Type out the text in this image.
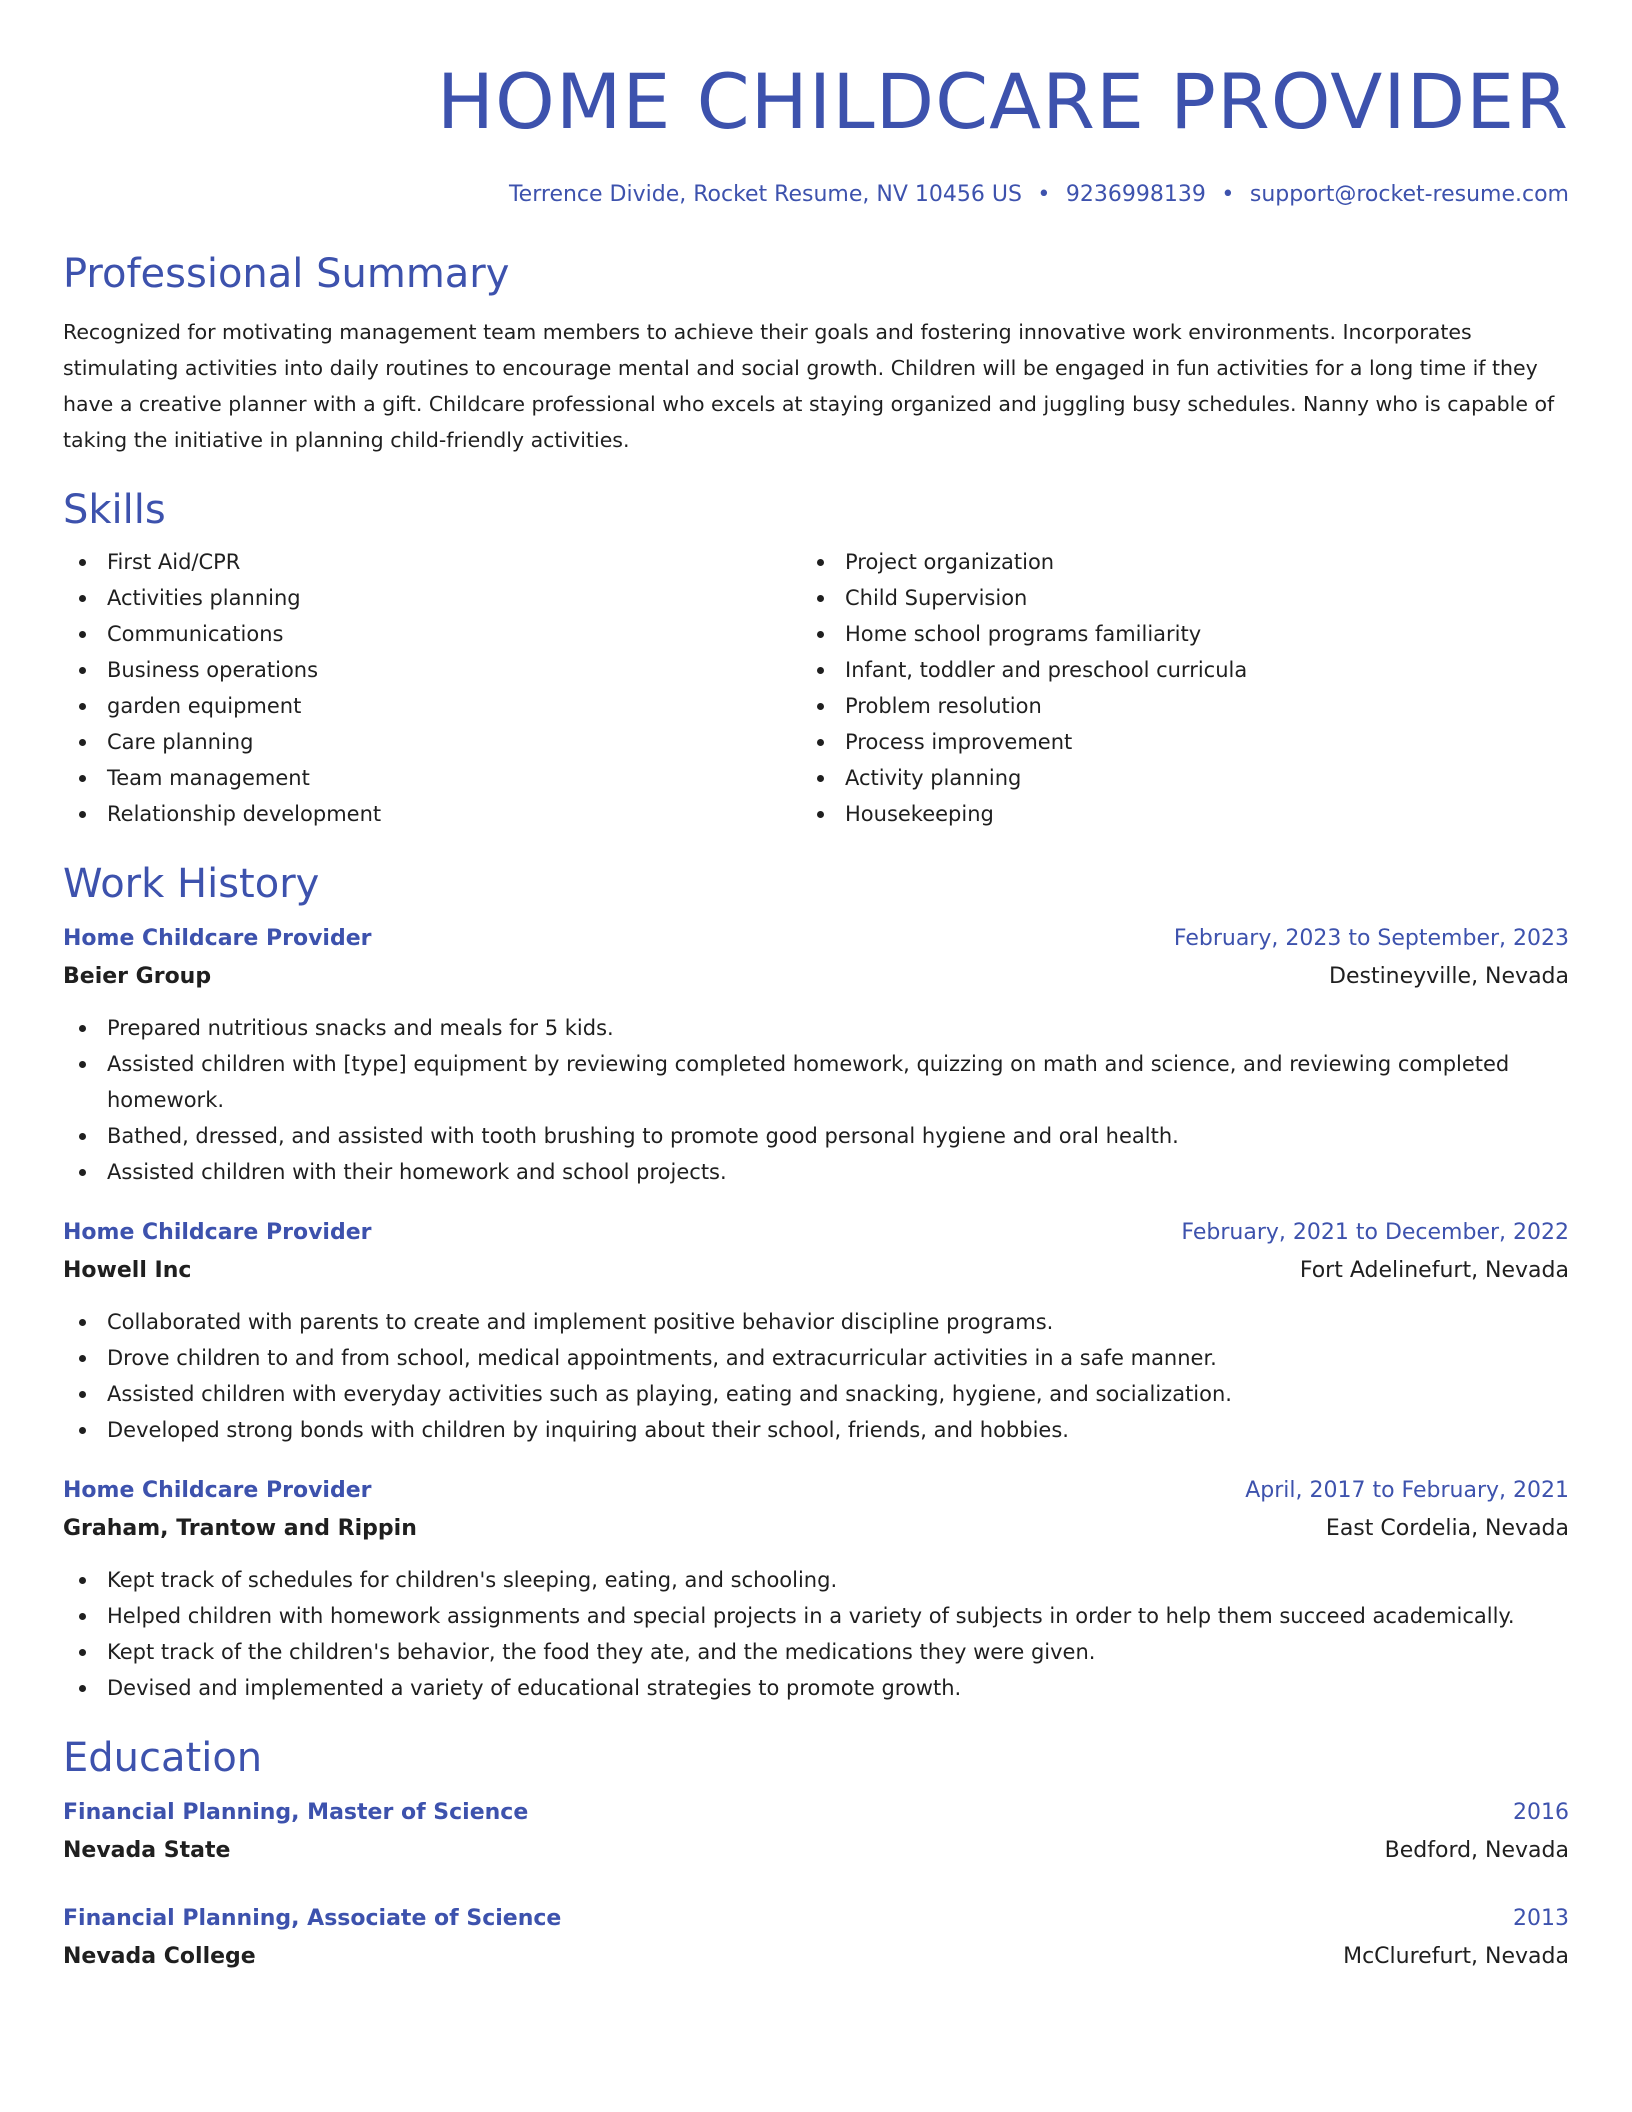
HOME CHILDCARE PROVIDER
Terrence Divide, Rocket Resume, NV 10456 US • 9236998139 • support@rocket-resume.com
Professional Summary

Recognized for motivating management team members to achieve their goals and fostering innovative work environments. Incorporates stimulating activities into daily routines to encourage mental and social growth. Children will be engaged in fun activities for a long time if they have a creative planner with a gift. Childcare professional who excels at staying organized and juggling busy schedules. Nanny who is capable of taking the initiative in planning child-friendly activities.

Skills
First Aid/CPR
Activities planning
Communications
Business operations
garden equipment
Care planning
Team management
Relationship development
Project organization
Child Supervision
Home school programs familiarity
Infant, toddler and preschool curricula
Problem resolution
Process improvement
Activity planning
Housekeeping
Work History
Home Childcare Provider	February, 2023 to September, 2023
Beier Group	Destineyville, Nevada
Prepared nutritious snacks and meals for 5 kids.
Assisted children with [type] equipment by reviewing completed homework, quizzing on math and science, and reviewing completed homework.
Bathed, dressed, and assisted with tooth brushing to promote good personal hygiene and oral health.
Assisted children with their homework and school projects.
Home Childcare Provider	February, 2021 to December, 2022
Howell Inc	Fort Adelinefurt, Nevada
Collaborated with parents to create and implement positive behavior discipline programs.
Drove children to and from school, medical appointments, and extracurricular activities in a safe manner.
Assisted children with everyday activities such as playing, eating and snacking, hygiene, and socialization.
Developed strong bonds with children by inquiring about their school, friends, and hobbies.
Home Childcare Provider	April, 2017 to February, 2021
Graham, Trantow and Rippin	East Cordelia, Nevada
Kept track of schedules for children's sleeping, eating, and schooling.
Helped children with homework assignments and special projects in a variety of subjects in order to help them succeed academically.
Kept track of the children's behavior, the food they ate, and the medications they were given.
Devised and implemented a variety of educational strategies to promote growth.
Education
Financial Planning, Master of Science	2016
Nevada State	Bedford, Nevada
Financial Planning, Associate of Science	2013
Nevada College	McClurefurt, Nevada
